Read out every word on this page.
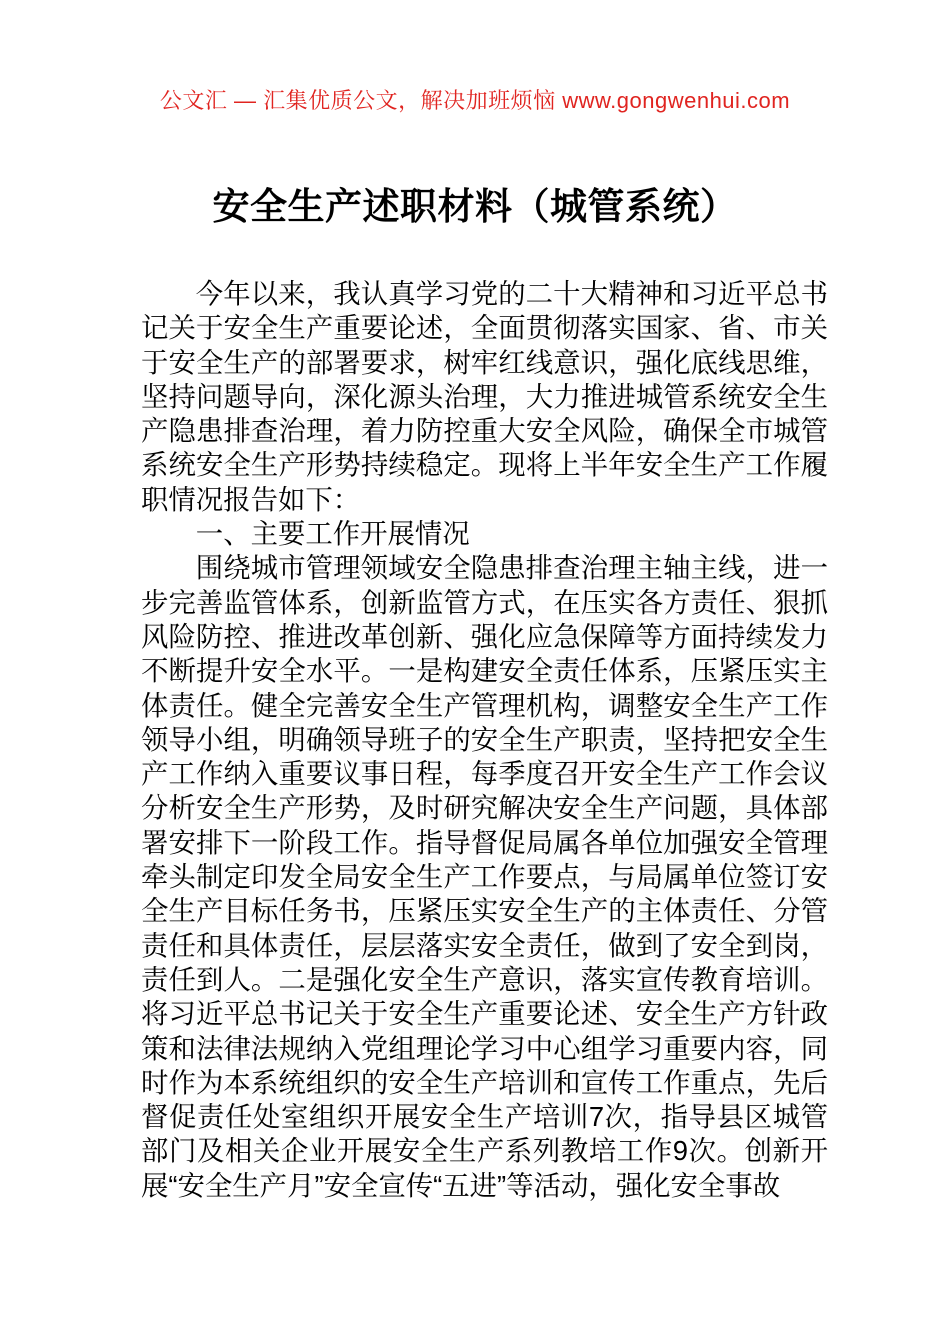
公文汇 — 汇集优质公文，解决加班烦恼 www.gongwenhui.com
安全生产述职材料（城管系统）

今年以来，我认真学习党的二十大精神和习近平总书记关于安全生产重要论述，全面贯彻落实国家、省、市关于安全生产的部署要求，树牢红线意识，强化底线思维，坚持问题导向，深化源头治理，大力推进城管系统安全生产隐患排查治理，着力防控重大安全风险，确保全市城管系统安全生产形势持续稳定。现将上半年安全生产工作履职情况报告如下：

一、主要工作开展情况

围绕城市管理领域安全隐患排查治理主轴主线，进一步完善监管体系，创新监管方式，在压实各方责任、狠抓风险防控、推进改革创新、强化应急保障等方面持续发力不断提升安全水平。一是构建安全责任体系，压紧压实主体责任。健全完善安全生产管理机构，调整安全生产工作领导小组，明确领导班子的安全生产职责，坚持把安全生产工作纳入重要议事日程，每季度召开安全生产工作会议分析安全生产形势，及时研究解决安全生产问题，具体部署安排下一阶段工作。指导督促局属各单位加强安全管理牵头制定印发全局安全生产工作要点，与局属单位签订安全生产目标任务书，压紧压实安全生产的主体责任、分管责任和具体责任，层层落实安全责任，做到了安全到岗，责任到人。二是强化安全生产意识，落实宣传教育培训。将习近平总书记关于安全生产重要论述、安全生产方针政策和法律法规纳入党组理论学习中心组学习重要内容，同时作为本系统组织的安全生产培训和宣传工作重点，先后督促责任处室组织开展安全生产培训7次，指导县区城管部门及相关企业开展安全生产系列教培工作9次。创新开展“安全生产月”安全宣传“五进”等活动，强化安全事故
